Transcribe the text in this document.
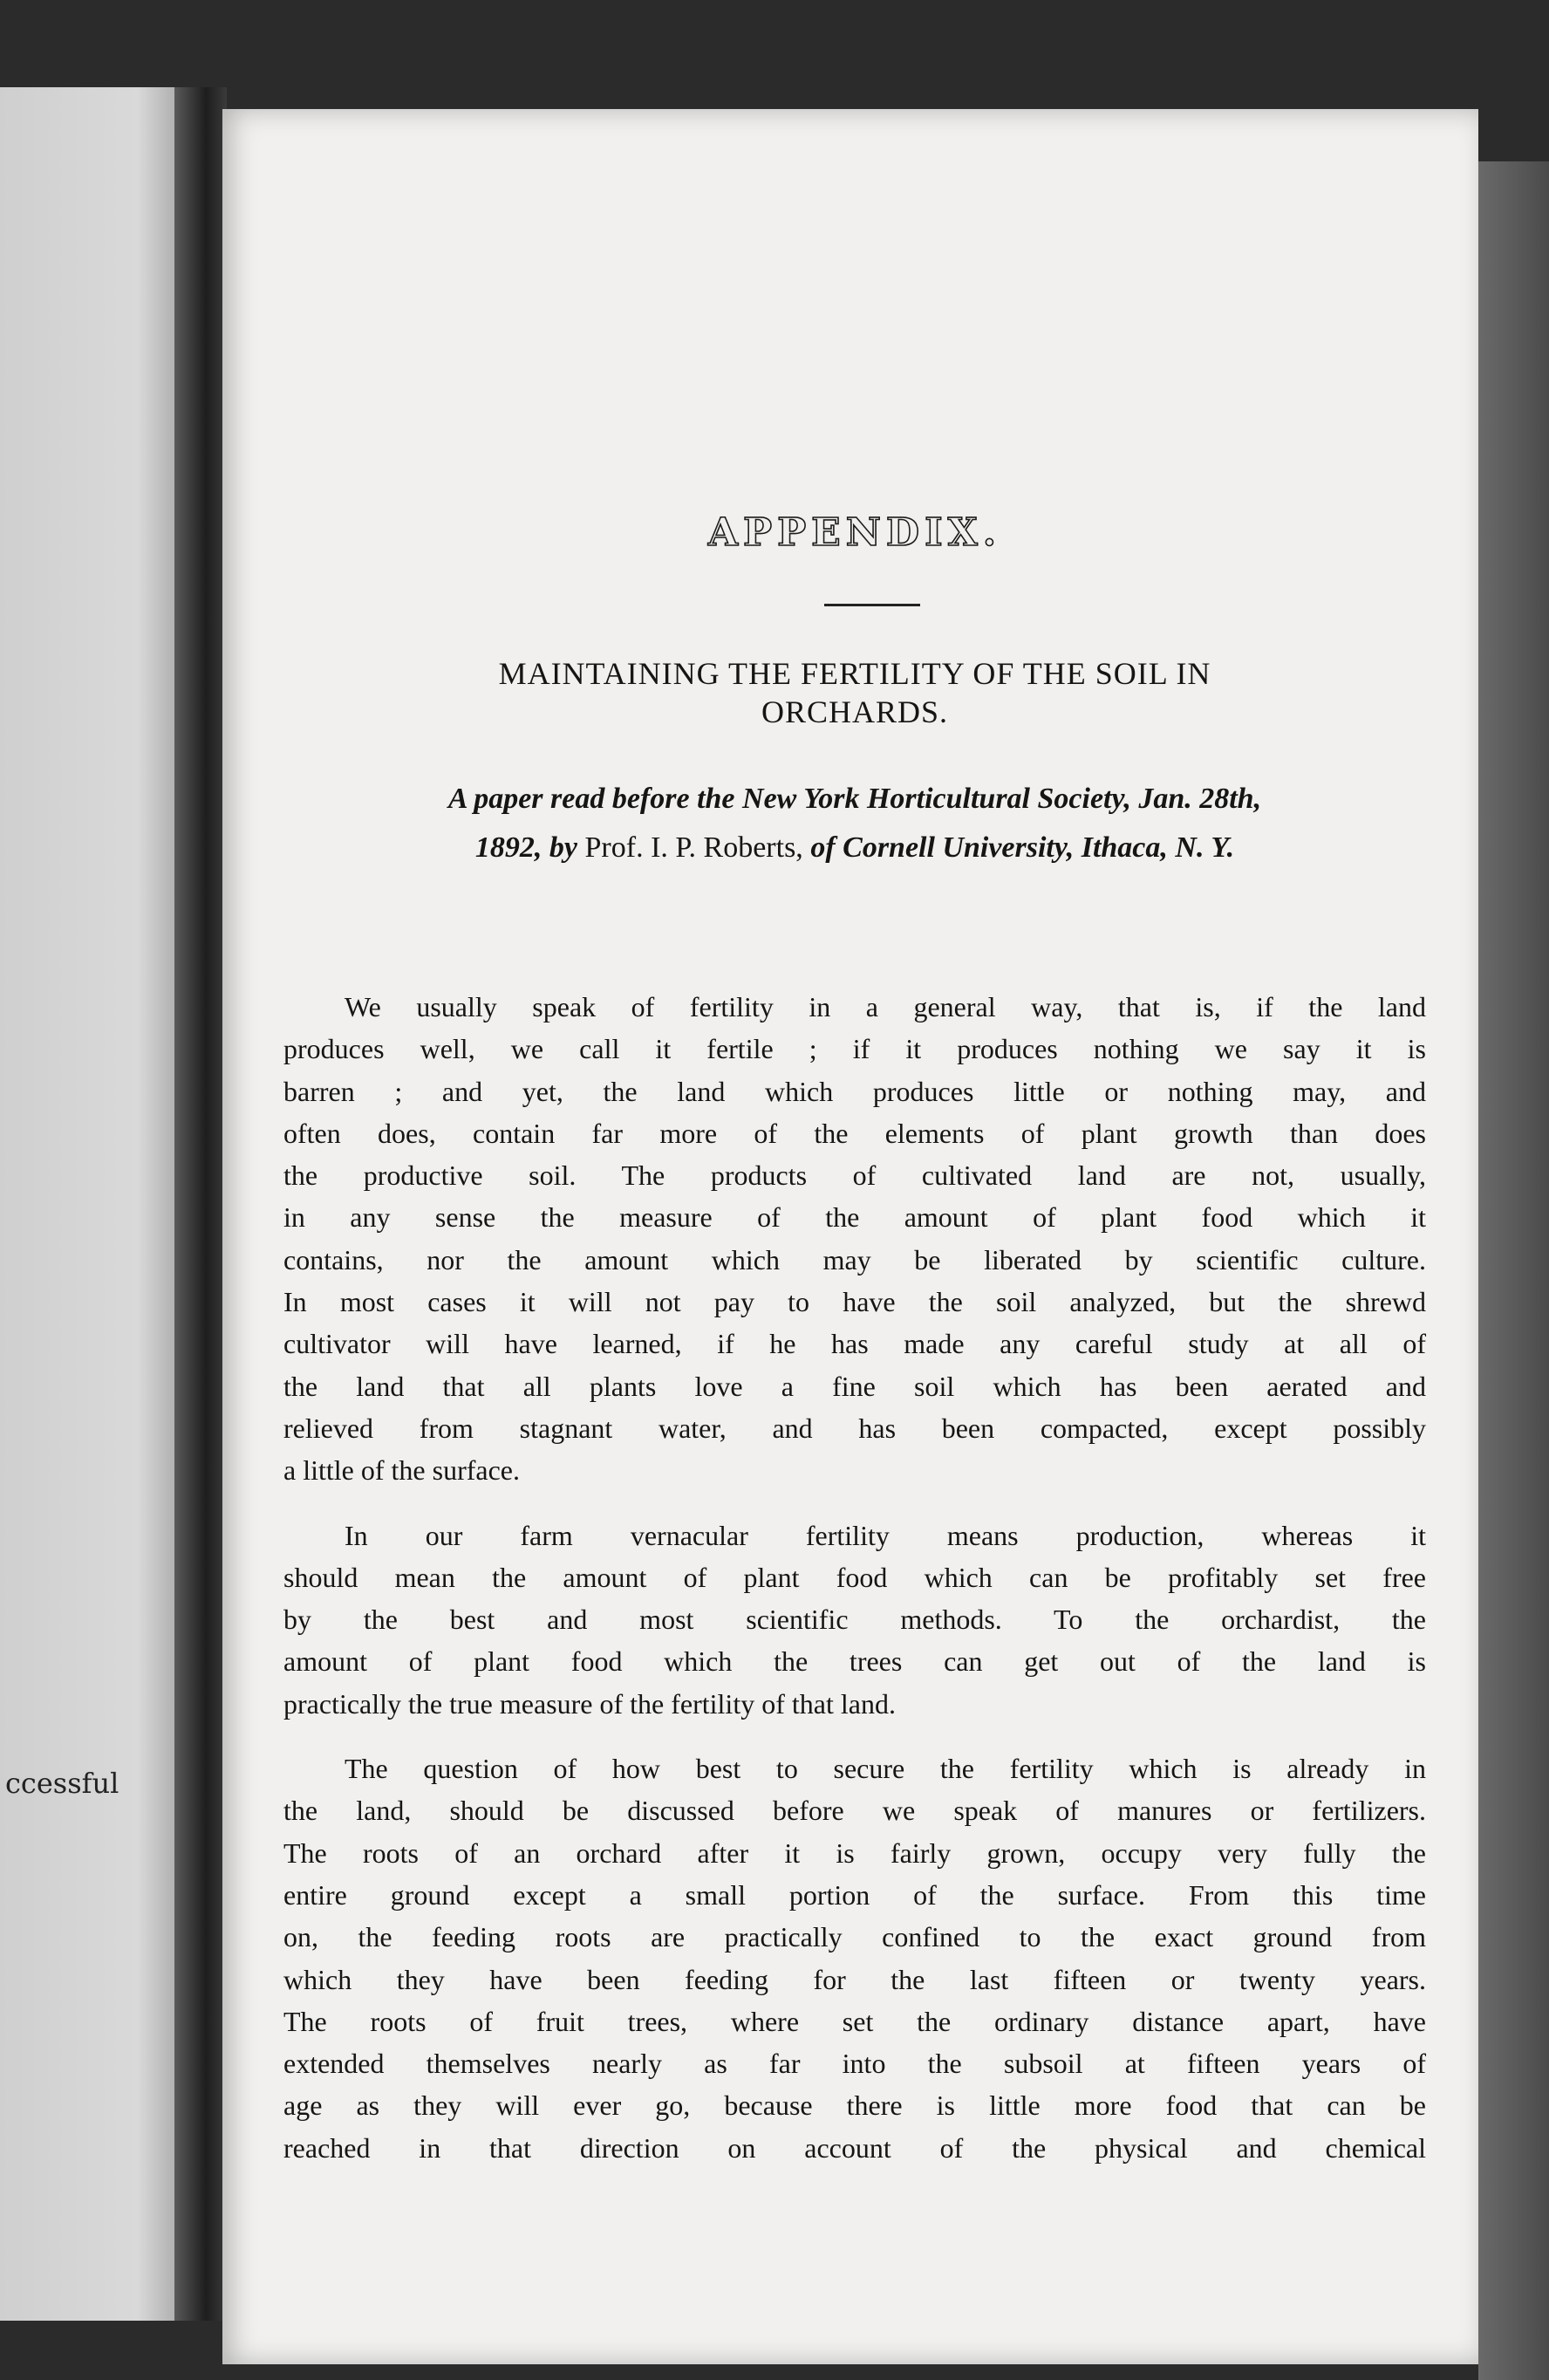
ccessful
APPENDIX.
MAINTAINING THE FERTILITY OF THE SOIL IN
ORCHARDS.
A paper read before the New York Horticultural Society, Jan. 28th,
1892, by Prof. I. P. Roberts, of Cornell University, Ithaca, N. Y.

We usually speak of fertility in a general way, that is, if the land
produces well, we call it fertile ; if it produces nothing we say it is
barren ; and yet, the land which produces little or nothing may, and
often does, contain far more of the elements of plant growth than does
the productive soil. The products of cultivated land are not, usually,
in any sense the measure of the amount of plant food which it
contains, nor the amount which may be liberated by scientific culture.
In most cases it will not pay to have the soil analyzed, but the shrewd
cultivator will have learned, if he has made any careful study at all of
the land that all plants love a fine soil which has been aerated and
relieved from stagnant water, and has been compacted, except possibly
a little of the surface.

In our farm vernacular fertility means production, whereas it
should mean the amount of plant food which can be profitably set free
by the best and most scientific methods. To the orchardist, the
amount of plant food which the trees can get out of the land is
practically the true measure of the fertility of that land.

The question of how best to secure the fertility which is already in
the land, should be discussed before we speak of manures or fertilizers.
The roots of an orchard after it is fairly grown, occupy very fully the
entire ground except a small portion of the surface. From this time
on, the feeding roots are practically confined to the exact ground from
which they have been feeding for the last fifteen or twenty years.
The roots of fruit trees, where set the ordinary distance apart, have
extended themselves nearly as far into the subsoil at fifteen years of
age as they will ever go, because there is little more food that can be
reached in that direction on account of the physical and chemical
